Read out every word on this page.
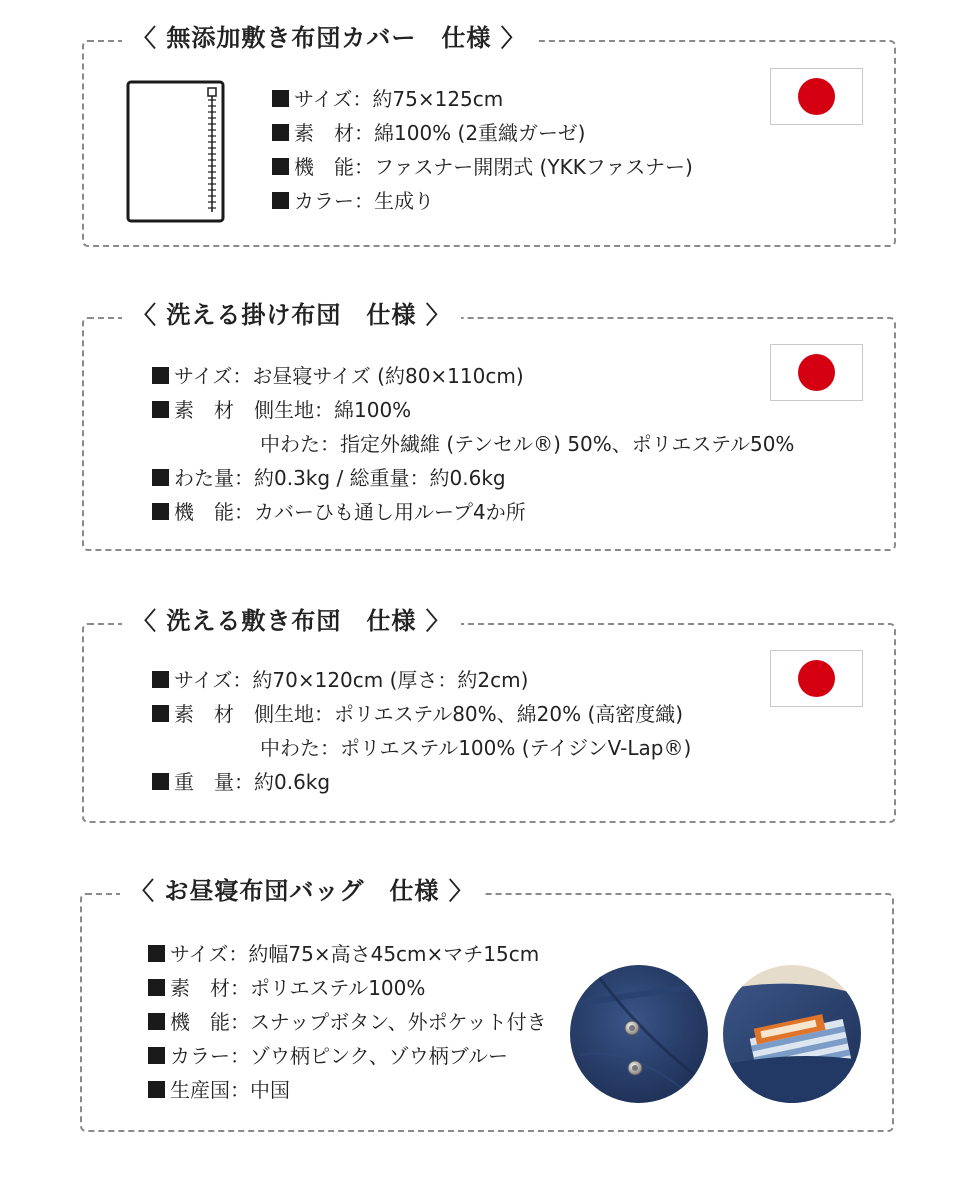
〈 無添加敷き布団カバー　仕様 〉
サイズ： 約75×125cm
素　材： 綿100% (2重織ガーゼ)
機　能： ファスナー開閉式 (YKKファスナー)
カラー： 生成り
〈 洗える掛け布団　仕様 〉
サイズ： お昼寝サイズ (約80×110cm)
素　材　 側生地：綿100%
中わた：指定外繊維 (テンセル®) 50%、ポリエステル50%
わた量： 約0.3kg / 総重量：約0.6kg
機　能： カバーひも通し用ループ4か所
〈 洗える敷き布団　仕様 〉
サイズ： 約70×120cm (厚さ：約2cm)
素　材　 側生地：ポリエステル80%、綿20% (高密度織)
中わた：ポリエステル100% (テイジンV-Lap®)
重　量： 約0.6kg
〈 お昼寝布団バッグ　仕様 〉
サイズ： 約幅75×高さ45cm×マチ15cm
素　材： ポリエステル100%
機　能： スナップボタン、外ポケット付き
カラー： ゾウ柄ピンク、ゾウ柄ブルー
生産国： 中国
